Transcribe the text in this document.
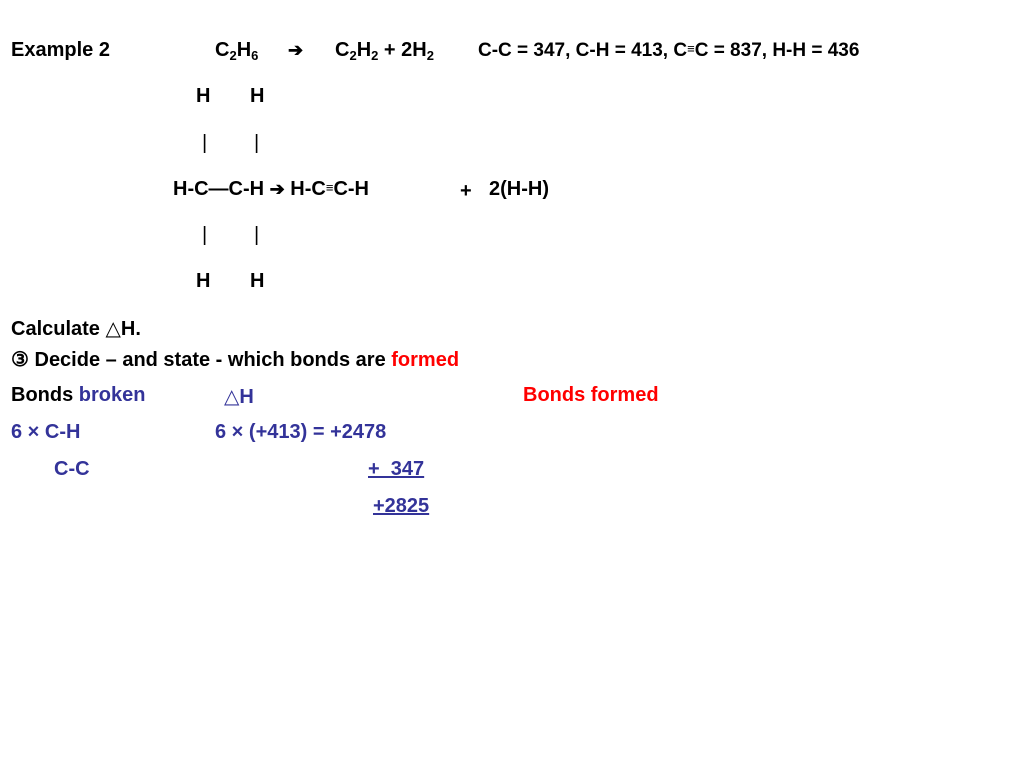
Example 2	$C_2H_6$ ➔ $C_2H_2 + 2H_2$ C-C = 347, C-H = 413, C≡C = 837, H-H = 436
H H
| |
H-C—C-H ➔ H-C≡C-H	+ 2(H-H)
| |
H H
Calculate △H.
③ Decide – and state - which bonds are formed
Bonds broken	△H	Bonds formed
6 × C-H	6 × (+413) = +2478
C-C	+  347
+2825
